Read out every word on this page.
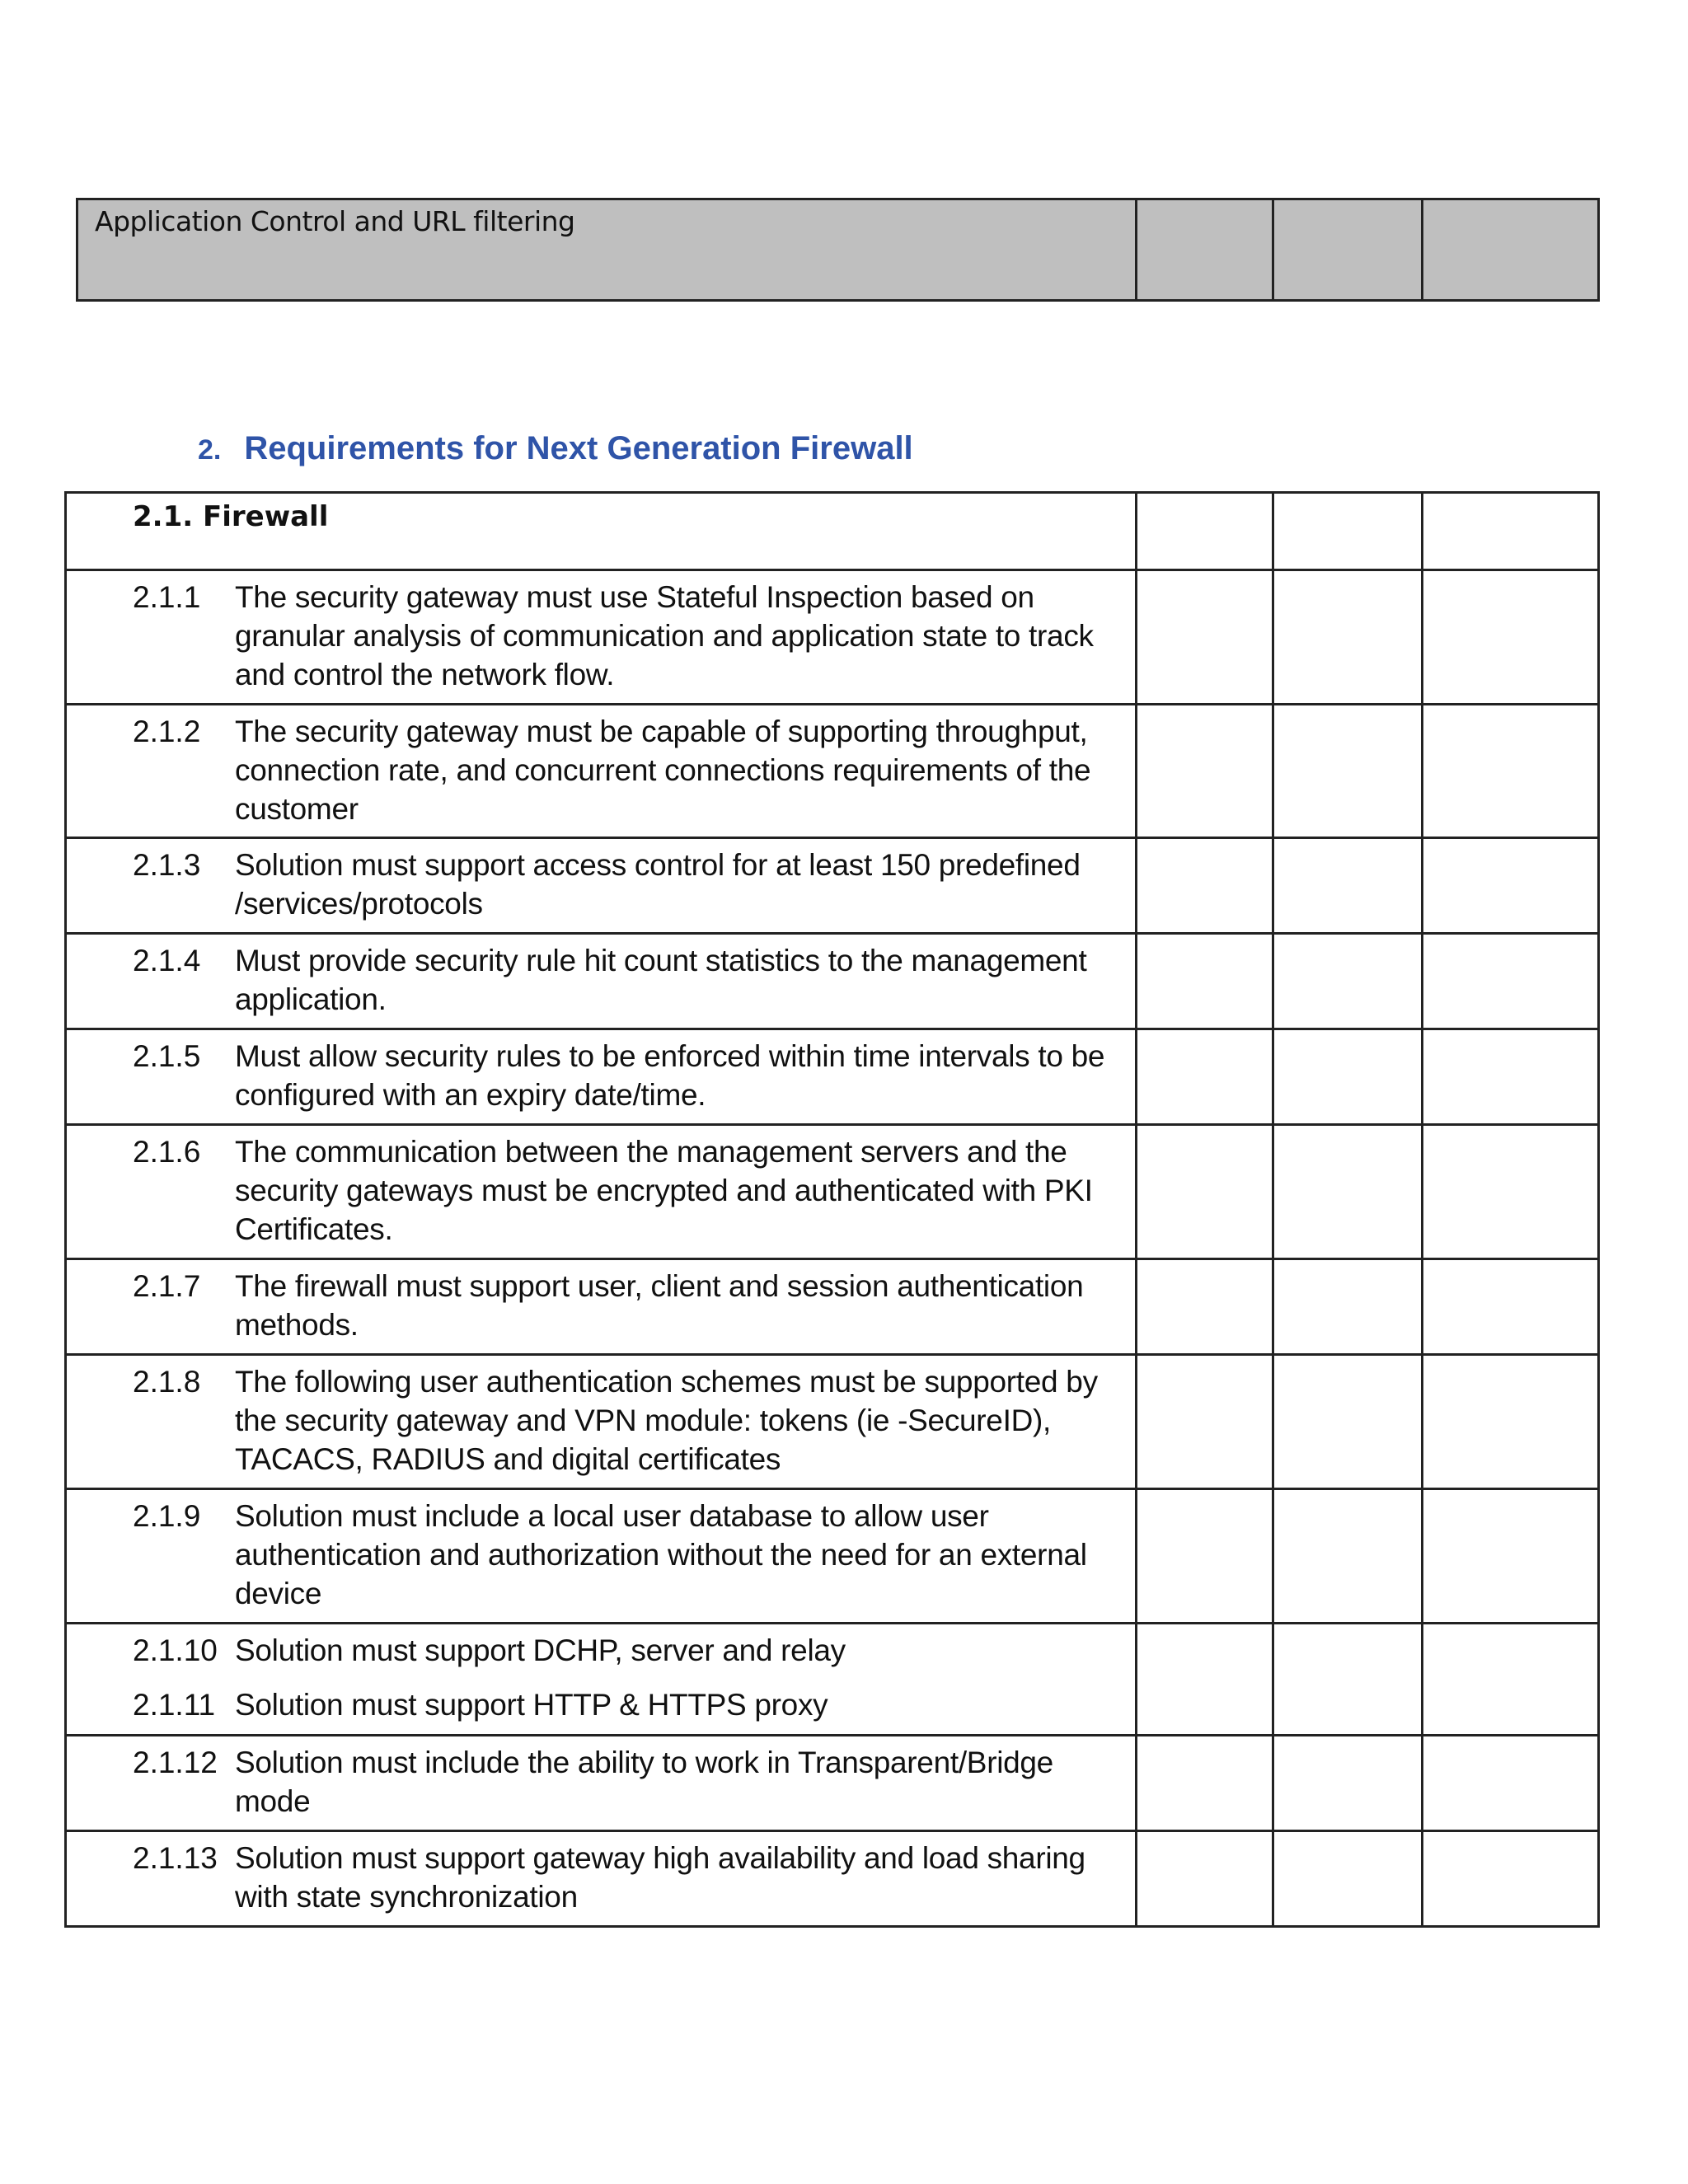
Application Control and URL filtering

2. Requirements for Next Generation Firewall
2.1. Firewall			

2.1.1 The security gateway must use Stateful Inspection based on granular analysis of communication and application state to track and control the network flow.			

2.1.2 The security gateway must be capable of supporting throughput, connection rate, and concurrent connections requirements of the customer			

2.1.3 Solution must support access control for at least 150 predefined /services/protocols			

2.1.4 Must provide security rule hit count statistics to the management application.			

2.1.5 Must allow security rules to be enforced within time intervals to be configured with an expiry date/time.			

2.1.6 The communication between the management servers and the security gateways must be encrypted and authenticated with PKI Certificates.			

2.1.7 The firewall must support user, client and session authentication methods.			

2.1.8 The following user authentication schemes must be supported by the security gateway and VPN module: tokens (ie -SecureID), TACACS, RADIUS and digital certificates			

2.1.9 Solution must include a local user database to allow user authentication and authorization without the need for an external device			

2.1.10 Solution must support DCHP, server and relay
2.1.11 Solution must support HTTP & HTTPS proxy			

2.1.12 Solution must include the ability to work in Transparent/Bridge mode			

2.1.13 Solution must support gateway high availability and load sharing with state synchronization			
